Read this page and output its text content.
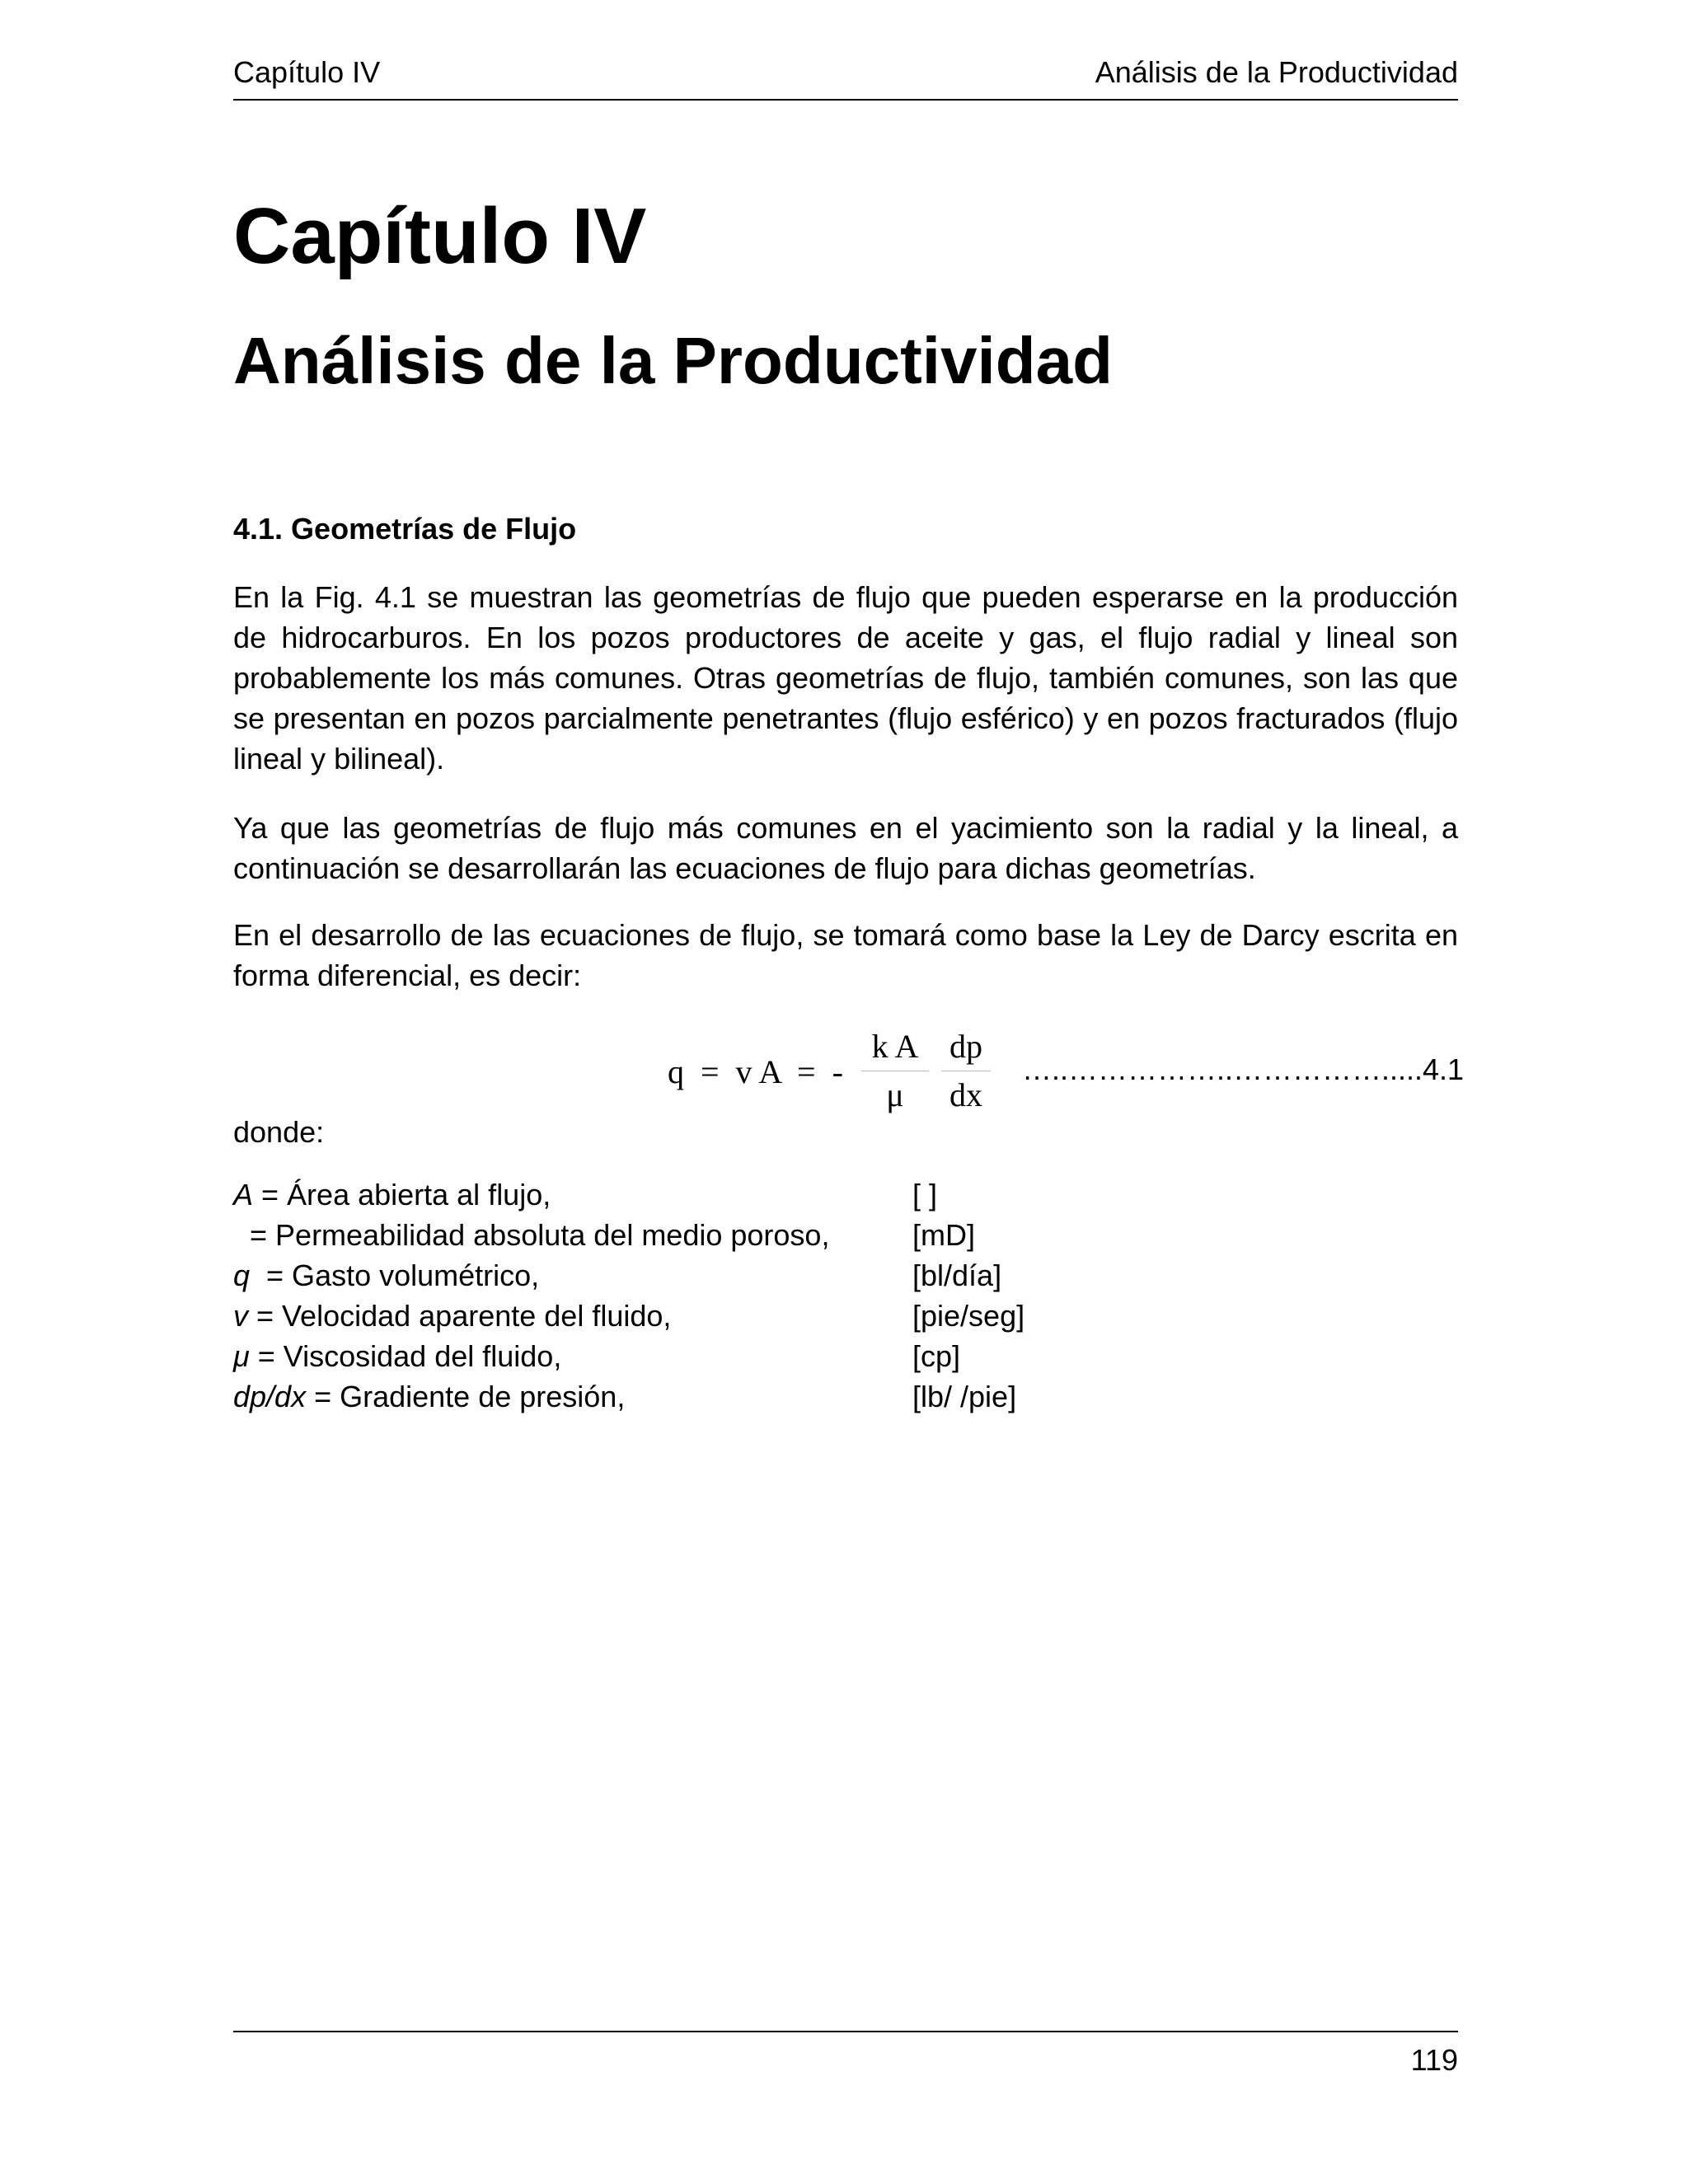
Capítulo IV	Análisis de la Productividad
Capítulo IV
Análisis de la Productividad
4.1. Geometrías de Flujo

En la Fig. 4.1 se muestran las geometrías de flujo que pueden esperarse en la producción de hidrocarburos. En los pozos productores de aceite y gas, el flujo radial y lineal son probablemente los más comunes. Otras geometrías de flujo, también comunes, son las que se presentan en pozos parcialmente penetrantes (flujo esférico) y en pozos fracturados (flujo lineal y bilineal).

Ya que las geometrías de flujo más comunes en el yacimiento son la radial y la lineal, a continuación se desarrollarán las ecuaciones de flujo para dichas geometrías.

En el desarrollo de las ecuaciones de flujo, se tomará como base la Ley de Darcy escrita en forma diferencial, es decir:

q  =  v A  =  -
k A
μ
dp
dx
…..……………..…………….....4.1

donde:

A = Área abierta al flujo,	[ ]
= Permeabilidad absoluta del medio poroso,	[mD]
q  = Gasto volumétrico,	[bl/día]
v = Velocidad aparente del fluido,	[pie/seg]
μ = Viscosidad del fluido,	[cp]
dp/dx = Gradiente de presión,	[lb/ /pie]
119
